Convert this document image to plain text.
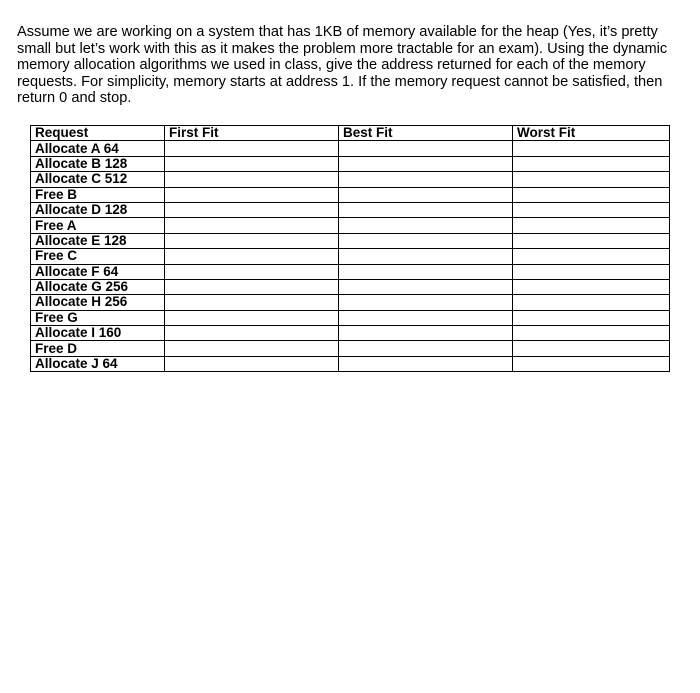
Assume we are working on a system that has 1KB of memory available for the heap (Yes, it’s pretty small but let’s work with this as it makes the problem more tractable for an exam). Using the dynamic memory allocation algorithms we used in class, give the address returned for each of the memory requests. For simplicity, memory starts at address 1. If the memory request cannot be satisfied, then return 0 and stop.

Request	First Fit	Best Fit	Worst Fit
Allocate A 64			
Allocate B 128			
Allocate C 512			
Free B			
Allocate D 128			
Free A			
Allocate E 128			
Free C			
Allocate F 64			
Allocate G 256			
Allocate H 256			
Free G			
Allocate I 160			
Free D			
Allocate J 64			
